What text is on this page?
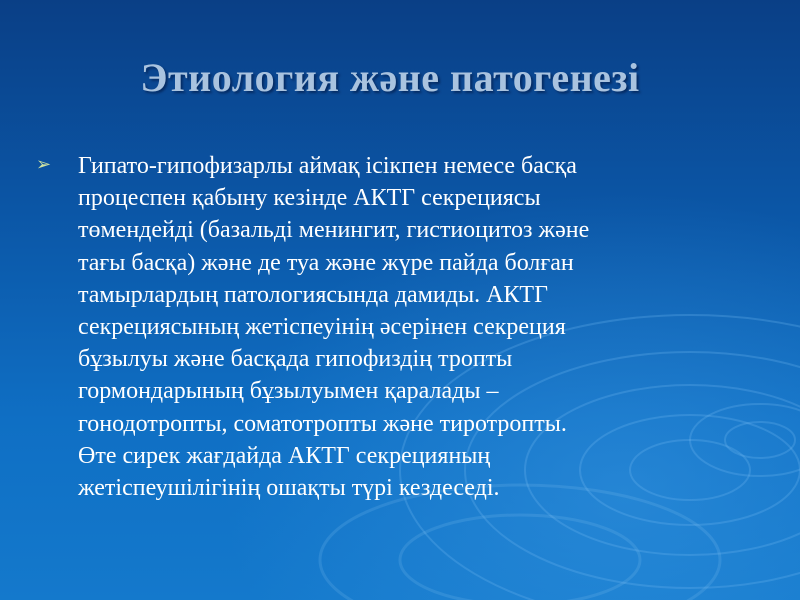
Этиология және патогенезі
➢ Гипато-гипофизарлы аймақ ісікпен немесе басқа
процеспен қабыну кезінде АКТГ секрециясы
төмендейді (базальді менингит, гистиоцитоз және
тағы басқа) және де туа және жүре пайда болған
тамырлардың патологиясында дамиды. АКТГ
секрециясының жетіспеуінің әсерінен секреция
бұзылуы және басқада гипофиздің тропты
гормондарының бұзылуымен қаралады –
гонодотропты, соматотропты және тиротропты.
Өте сирек жағдайда АКТГ секрецияның
жетіспеушілігінің ошақты түрі кездеседі.
